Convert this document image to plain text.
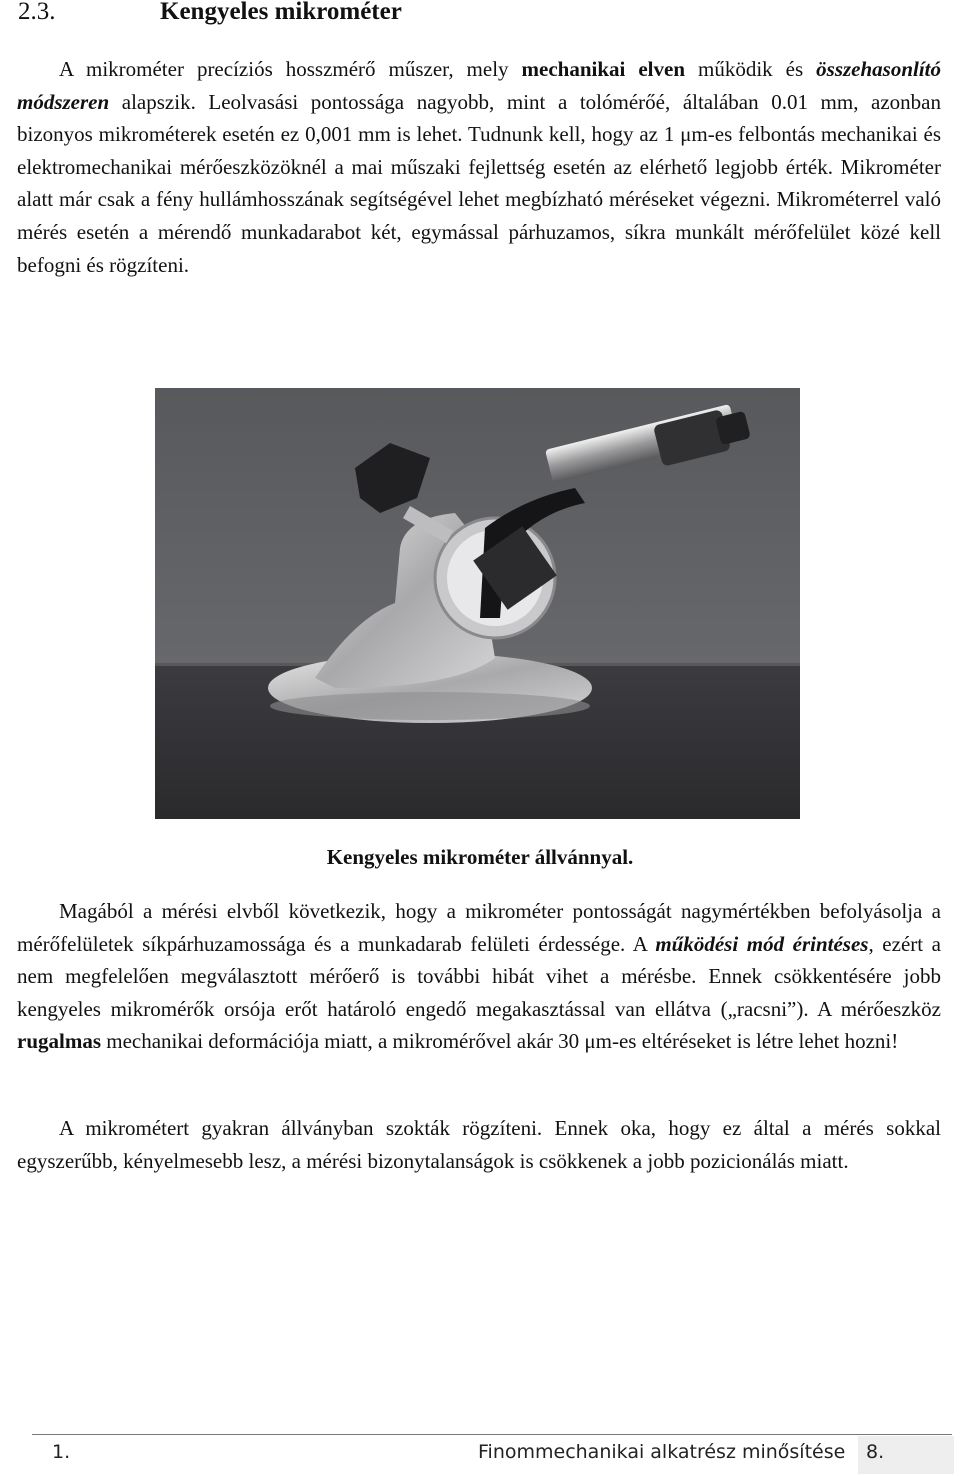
2.3.	Kengyeles mikrométer

A mikrométer precíziós hosszmérő műszer, mely mechanikai elven működik és összehasonlító módszeren alapszik. Leolvasási pontossága nagyobb, mint a tolómérőé, általában 0.01 mm, azonban bizonyos mikrométerek esetén ez 0,001 mm is lehet. Tudnunk kell, hogy az 1 μm-es felbontás mechanikai és elektromechanikai mérőeszközöknél a mai műszaki fejlettség esetén az elérhető legjobb érték. Mikrométer alatt már csak a fény hullámhosszának segítségével lehet megbízható méréseket végezni. Mikrométerrel való mérés esetén a mérendő munkadarabot két, egymással párhuzamos, síkra munkált mérőfelület közé kell befogni és rögzíteni.

Kengyeles mikrométer állvánnyal.

Magából a mérési elvből következik, hogy a mikrométer pontosságát nagymértékben befolyásolja a mérőfelületek síkpárhuzamossága és a munkadarab felületi érdessége. A működési mód érintéses, ezért a nem megfelelően megválasztott mérőerő is további hibát vihet a mérésbe. Ennek csökkentésére jobb kengyeles mikromérők orsója erőt határoló engedő megakasztással van ellátva („racsni”). A mérőeszköz rugalmas mechanikai deformációja miatt, a mikromérővel akár 30 μm-es eltéréseket is létre lehet hozni!

A mikrométert gyakran állványban szokták rögzíteni. Ennek oka, hogy ez által a mérés sokkal egyszerűbb, kényelmesebb lesz, a mérési bizonytalanságok is csökkenek a jobb pozicionálás miatt.

1.	Finommechanikai alkatrész minősítése 8.
